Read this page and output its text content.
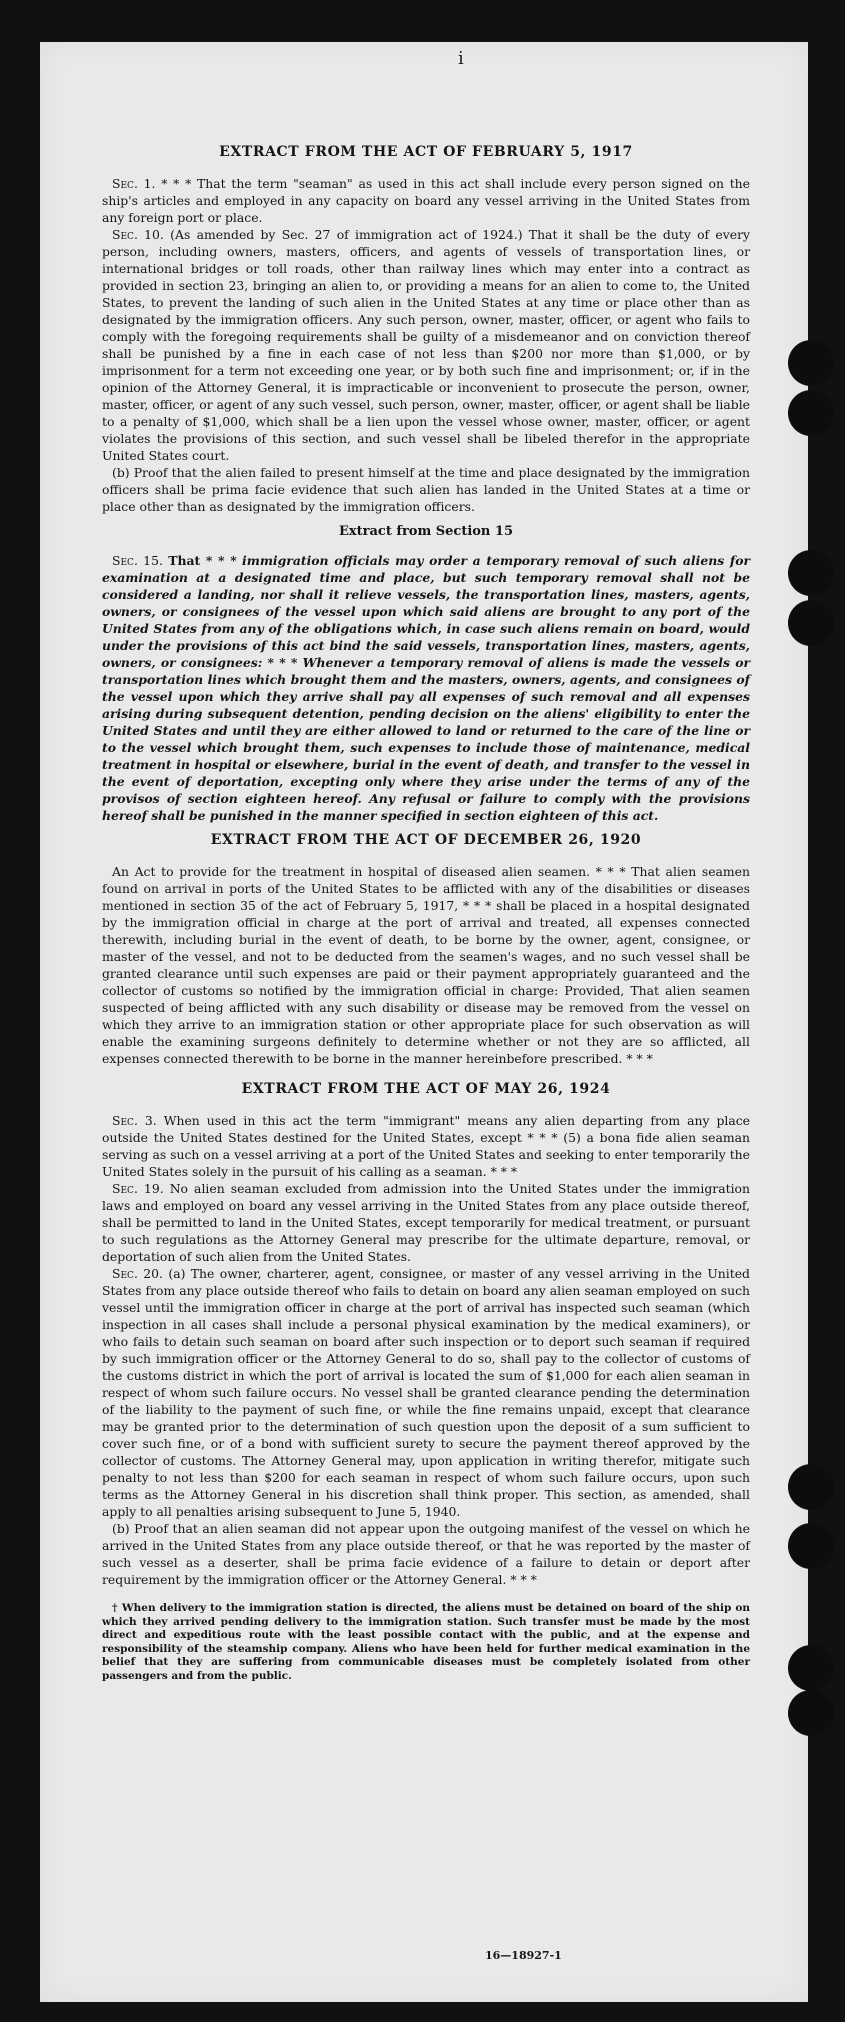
i
EXTRACT FROM THE ACT OF FEBRUARY 5, 1917

Sec. 1. * * * That the term "seaman" as used in this act shall include every person signed on the ship's articles and employed in any capacity on board any vessel arriving in the United States from any foreign port or place.

Sec. 10. (As amended by Sec. 27 of immigration act of 1924.) That it shall be the duty of every person, including owners, masters, officers, and agents of vessels of transportation lines, or international bridges or toll roads, other than railway lines which may enter into a contract as provided in section 23, bringing an alien to, or providing a means for an alien to come to, the United States, to prevent the landing of such alien in the United States at any time or place other than as designated by the immigration officers. Any such person, owner, master, officer, or agent who fails to comply with the foregoing requirements shall be guilty of a misdemeanor and on conviction thereof shall be punished by a fine in each case of not less than $200 nor more than $1,000, or by imprisonment for a term not exceeding one year, or by both such fine and imprisonment; or, if in the opinion of the Attorney General, it is impracticable or inconvenient to prosecute the person, owner, master, officer, or agent of any such vessel, such person, owner, master, officer, or agent shall be liable to a penalty of $1,000, which shall be a lien upon the vessel whose owner, master, officer, or agent violates the provisions of this section, and such vessel shall be libeled therefor in the appropriate United States court.

(b) Proof that the alien failed to present himself at the time and place designated by the immigration officers shall be prima facie evidence that such alien has landed in the United States at a time or place other than as designated by the immigration officers.

Extract from Section 15

Sec. 15. That * * * immigration officials may order a temporary removal of such aliens for examination at a designated time and place, but such temporary removal shall not be considered a landing, nor shall it relieve vessels, the transportation lines, masters, agents, owners, or consignees of the vessel upon which said aliens are brought to any port of the United States from any of the obligations which, in case such aliens remain on board, would under the provisions of this act bind the said vessels, transportation lines, masters, agents, owners, or consignees: * * * Whenever a temporary removal of aliens is made the vessels or transportation lines which brought them and the masters, owners, agents, and consignees of the vessel upon which they arrive shall pay all expenses of such removal and all expenses arising during subsequent detention, pending decision on the aliens' eligibility to enter the United States and until they are either allowed to land or returned to the care of the line or to the vessel which brought them, such expenses to include those of maintenance, medical treatment in hospital or elsewhere, burial in the event of death, and transfer to the vessel in the event of deportation, excepting only where they arise under the terms of any of the provisos of section eighteen hereof. Any refusal or failure to comply with the provisions hereof shall be punished in the manner specified in section eighteen of this act.

EXTRACT FROM THE ACT OF DECEMBER 26, 1920

An Act to provide for the treatment in hospital of diseased alien seamen. * * * That alien seamen found on arrival in ports of the United States to be afflicted with any of the disabilities or diseases mentioned in section 35 of the act of February 5, 1917, * * * shall be placed in a hospital designated by the immigration official in charge at the port of arrival and treated, all expenses connected therewith, including burial in the event of death, to be borne by the owner, agent, consignee, or master of the vessel, and not to be deducted from the seamen's wages, and no such vessel shall be granted clearance until such expenses are paid or their payment appropriately guaranteed and the collector of customs so notified by the immigration official in charge: Provided, That alien seamen suspected of being afflicted with any such disability or disease may be removed from the vessel on which they arrive to an immigration station or other appropriate place for such observation as will enable the examining surgeons definitely to determine whether or not they are so afflicted, all expenses connected therewith to be borne in the manner hereinbefore prescribed. * * *

EXTRACT FROM THE ACT OF MAY 26, 1924

Sec. 3. When used in this act the term "immigrant" means any alien departing from any place outside the United States destined for the United States, except * * * (5) a bona fide alien seaman serving as such on a vessel arriving at a port of the United States and seeking to enter temporarily the United States solely in the pursuit of his calling as a seaman. * * *

Sec. 19. No alien seaman excluded from admission into the United States under the immigration laws and employed on board any vessel arriving in the United States from any place outside thereof, shall be permitted to land in the United States, except temporarily for medical treatment, or pursuant to such regulations as the Attorney General may prescribe for the ultimate departure, removal, or deportation of such alien from the United States.

Sec. 20. (a) The owner, charterer, agent, consignee, or master of any vessel arriving in the United States from any place outside thereof who fails to detain on board any alien seaman employed on such vessel until the immigration officer in charge at the port of arrival has inspected such seaman (which inspection in all cases shall include a personal physical examination by the medical examiners), or who fails to detain such seaman on board after such inspection or to deport such seaman if required by such immigration officer or the Attorney General to do so, shall pay to the collector of customs of the customs district in which the port of arrival is located the sum of $1,000 for each alien seaman in respect of whom such failure occurs. No vessel shall be granted clearance pending the determination of the liability to the payment of such fine, or while the fine remains unpaid, except that clearance may be granted prior to the determination of such question upon the deposit of a sum sufficient to cover such fine, or of a bond with sufficient surety to secure the payment thereof approved by the collector of customs. The Attorney General may, upon application in writing therefor, mitigate such penalty to not less than $200 for each seaman in respect of whom such failure occurs, upon such terms as the Attorney General in his discretion shall think proper. This section, as amended, shall apply to all penalties arising subsequent to June 5, 1940.

(b) Proof that an alien seaman did not appear upon the outgoing manifest of the vessel on which he arrived in the United States from any place outside thereof, or that he was reported by the master of such vessel as a deserter, shall be prima facie evidence of a failure to detain or deport after requirement by the immigration officer or the Attorney General. * * *

† When delivery to the immigration station is directed, the aliens must be detained on board of the ship on which they arrived pending delivery to the immigration station. Such transfer must be made by the most direct and expeditious route with the least possible contact with the public, and at the expense and responsibility of the steamship company. Aliens who have been held for further medical examination in the belief that they are suffering from communicable diseases must be completely isolated from other passengers and from the public.

16—18927-1
